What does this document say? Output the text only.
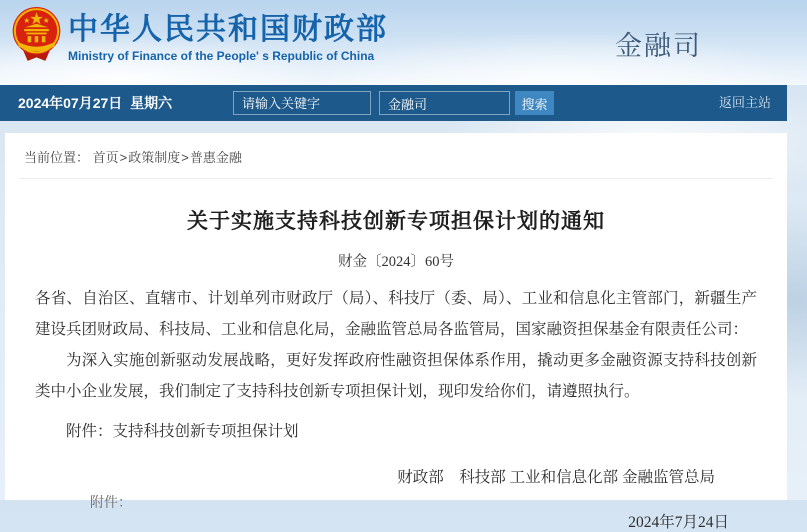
中华人民共和国财政部
Ministry of Finance of the People' s Republic of China	金融司
2024年07月27日  星期六
请输入关键字
金融司	搜索	返回主站
当前位置： 首页>政策制度>普惠金融
关于实施支持科技创新专项担保计划的通知
财金〔2024〕60号

各省、自治区、直辖市、计划单列市财政厅（局）、科技厅（委、局）、工业和信息化主管部门，新疆生产建设兵团财政局、科技局、工业和信息化局，金融监管总局各监管局，国家融资担保基金有限责任公司：

为深入实施创新驱动发展战略，更好发挥政府性融资担保体系作用，撬动更多金融资源支持科技创新类中小企业发展，我们制定了支持科技创新专项担保计划，现印发给你们，请遵照执行。

附件：支持科技创新专项担保计划
财政部　科技部 工业和信息化部 金融监管总局
2024年7月24日
附件：
